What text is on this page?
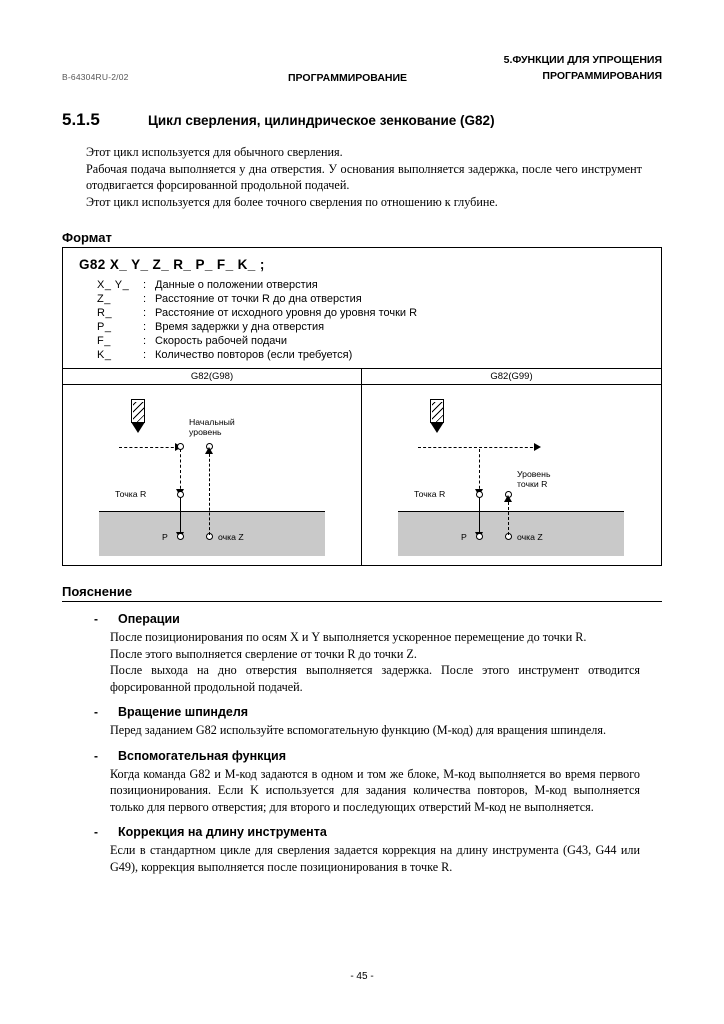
B-64304RU-2/02	ПРОГРАММИРОВАНИЕ
5.ФУНКЦИИ ДЛЯ УПРОЩЕНИЯ
ПРОГРАММИРОВАНИЯ
5.1.5	Цикл сверления, цилиндрическое зенкование (G82)

Этот цикл используется для обычного сверления.

Рабочая подача выполняется у дна отверстия. У основания выполняется задержка, после чего инструмент отодвигается форсированной продольной подачей.

Этот цикл используется для более точного сверления по отношению к глубине.

Формат
G82 X_ Y_ Z_ R_ P_ F_ K_ ;
X_ Y_	:	Данные о положении отверстия
Z_	:	Расстояние от точки R до дна отверстия
R_	:	Расстояние от исходного уровня до уровня точки R
P_	:	Время задержки у дна отверстия
F_	:	Скорость рабочей подачи
K_	:	Количество повторов (если требуется)
G82(G98)
Начальный
уровень
Точка R
P	очка Z
G82(G99)
Точка R
Уровень
точки R
P	очка Z
Пояснение
-	Операции

После позиционирования по осям X и Y выполняется ускоренное перемещение до точки R.

После этого выполняется сверление от точки R до точки Z.

После выхода на дно отверстия выполняется задержка. После этого инструмент отводится форсированной продольной подачей.

-	Вращение шпинделя

Перед заданием G82 используйте вспомогательную функцию (M-код) для вращения шпинделя.

-	Вспомогательная функция

Когда команда G82 и M-код задаются в одном и том же блоке, M-код выполняется во время первого позиционирования. Если K используется для задания количества повторов, M-код выполняется только для первого отверстия; для второго и последующих отверстий M-код не выполняется.

-	Коррекция на длину инструмента

Если в стандартном цикле для сверления задается коррекция на длину инструмента (G43, G44 или G49), коррекция выполняется после позиционирования в точке R.

- 45 -
